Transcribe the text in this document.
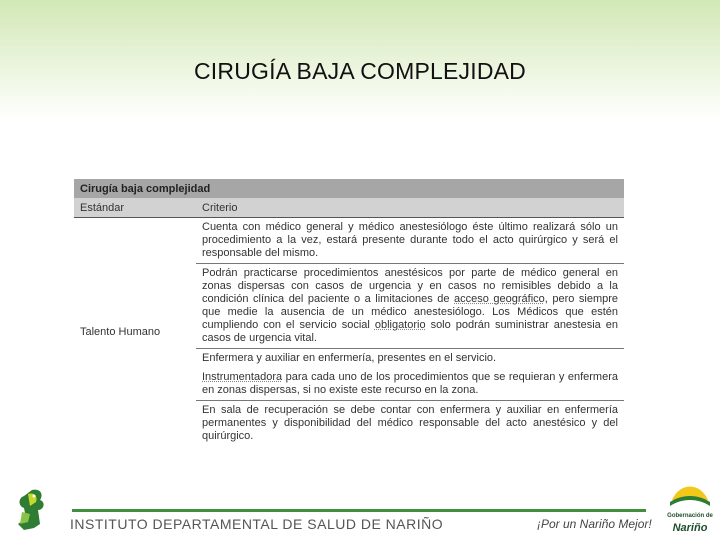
CIRUGÍA BAJA COMPLEJIDAD
Cirugía baja complejidad	
Estándar	Criterio
Talento Humano	Cuenta con médico general y médico anestesiólogo éste último realizará sólo un procedimiento a la vez, estará presente durante todo el acto quirúrgico y será el responsable del mismo.
	Podrán practicarse procedimientos anestésicos por parte de médico general en zonas dispersas con casos de urgencia y en casos no remisibles debido a la condición clínica del paciente o a limitaciones de acceso geográfico, pero siempre que medie la ausencia de un médico anestesiólogo. Los Médicos que estén cumpliendo con el servicio social obligatorio solo podrán suministrar anestesia en casos de urgencia vital.
	Enfermera y auxiliar en enfermería, presentes en el servicio.
	Instrumentadora para cada uno de los procedimientos que se requieran y enfermera en zonas dispersas, si no existe este recurso en la zona.
	En sala de recuperación se debe contar con enfermera y auxiliar en enfermería permanentes y disponibilidad del médico responsable del acto anestésico y del quirúrgico.
INSTITUTO DEPARTAMENTAL DE SALUD DE NARIÑO	¡Por un Nariño Mejor!
Gobernación de
Nariño
